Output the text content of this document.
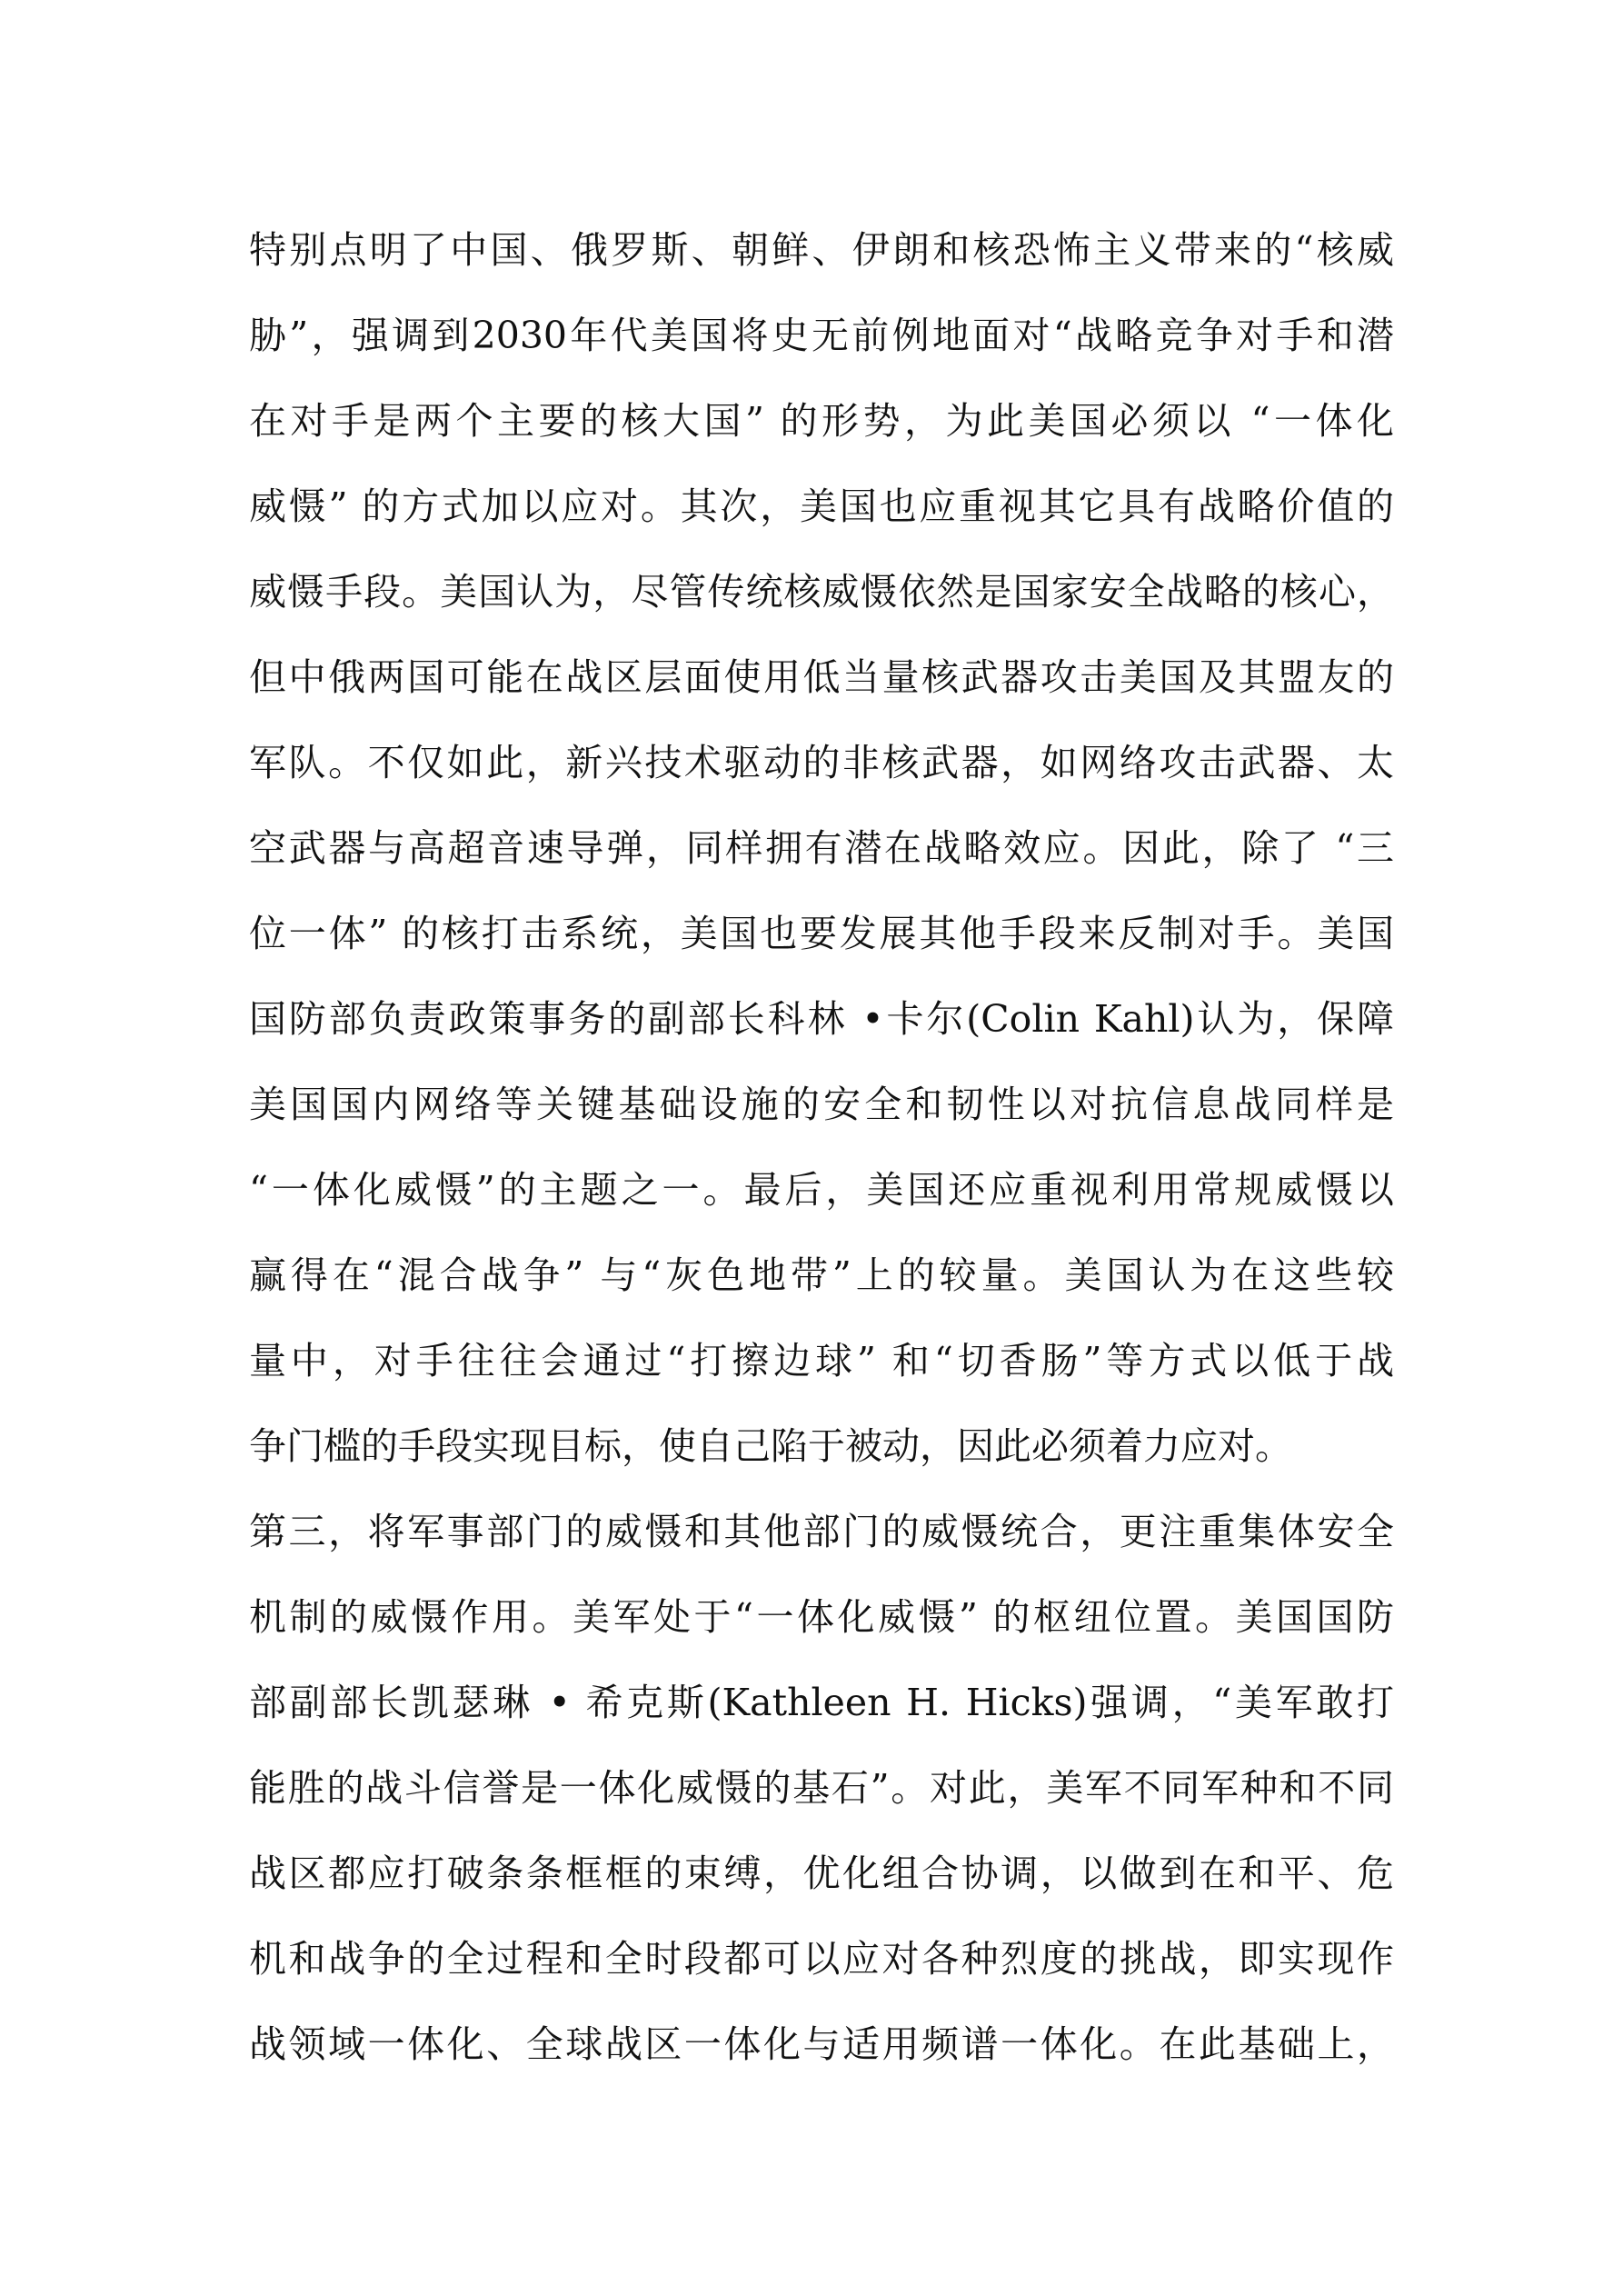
特别点明了中国、俄罗斯、朝鲜、伊朗和核恐怖主义带来的“核威
胁”，强调到2030年代美国将史无前例地面对“战略竞争对手和潜
在对手是两个主要的核大国” 的形势，为此美国必须以 “一体化
威慑” 的方式加以应对。其次，美国也应重视其它具有战略价值的
威慑手段。美国认为，尽管传统核威慑依然是国家安全战略的核心，
但中俄两国可能在战区层面使用低当量核武器攻击美国及其盟友的
军队。不仅如此，新兴技术驱动的非核武器，如网络攻击武器、太
空武器与高超音速导弹，同样拥有潜在战略效应。因此，除了 “三
位一体” 的核打击系统，美国也要发展其他手段来反制对手。美国
国防部负责政策事务的副部长科林 •卡尔(Colin Kahl)认为，保障
美国国内网络等关键基础设施的安全和韧性以对抗信息战同样是
“一体化威慑”的主题之一。最后，美国还应重视利用常规威慑以
赢得在“混合战争” 与“灰色地带”上的较量。美国认为在这些较
量中，对手往往会通过“打擦边球” 和“切香肠”等方式以低于战
争门槛的手段实现目标，使自己陷于被动，因此必须着力应对。
第三，将军事部门的威慑和其他部门的威慑统合，更注重集体安全
机制的威慑作用。美军处于“一体化威慑” 的枢纽位置。美国国防
部副部长凯瑟琳 • 希克斯(Kathleen H. Hicks)强调，“美军敢打
能胜的战斗信誉是一体化威慑的基石”。对此，美军不同军种和不同
战区都应打破条条框框的束缚，优化组合协调，以做到在和平、危
机和战争的全过程和全时段都可以应对各种烈度的挑战，即实现作
战领域一体化、全球战区一体化与适用频谱一体化。在此基础上，
